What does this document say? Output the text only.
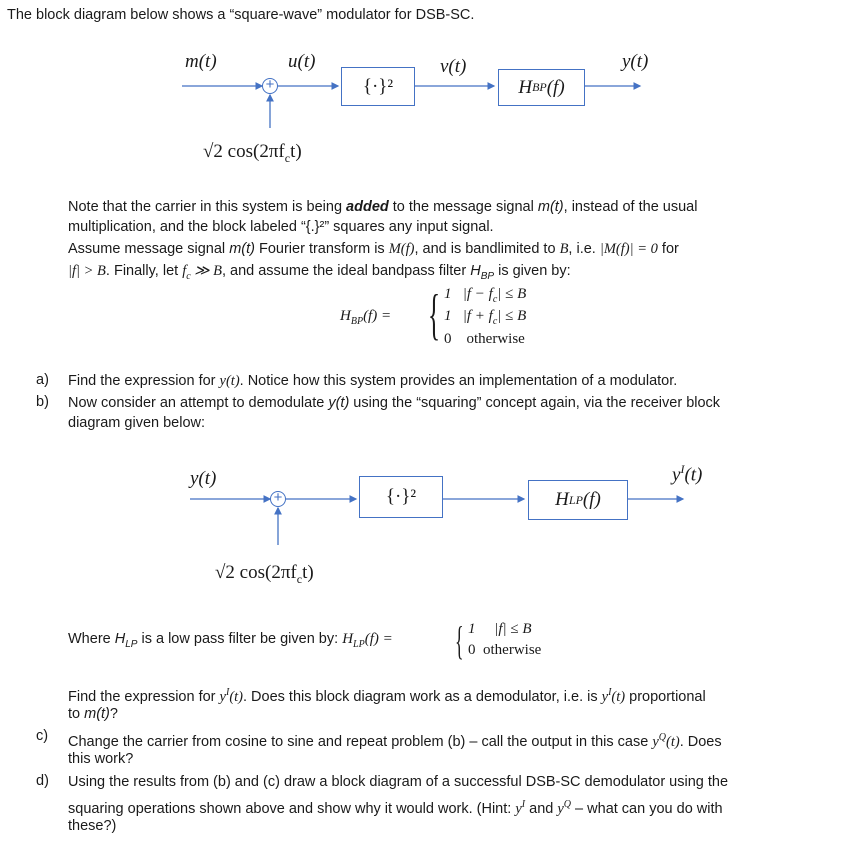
The block diagram below shows a “square-wave” modulator for DSB-SC.
m(t)	u(t)	v(t)	y(t)
+	{·}²	H BP (f)
√2 $\cos(2\pi f_ct)$
Note that the carrier in this system is being added to the message signal m(t), instead of the usual
multiplication, and the block labeled “{.}²” squares any input signal.
Assume message signal m(t) Fourier transform is M(f), and is bandlimited to B, i.e. |M(f)| = 0 for
|f| > B. Finally, let $f_c$ ≫ B, and assume the ideal bandpass filter $H_{BP}$ is given by:
$H_{BP}(f)$ = { 1 $|f - f_c| \le B$
1 $|f + f_c| \le B$
0 otherwise
a) Find the expression for y(t). Notice how this system provides an implementation of a modulator.
b) Now consider an attempt to demodulate y(t) using the “squaring” concept again, via the receiver block
diagram given below:
y(t)	$y^I(t)$
+	{·}²	H LP (f)
√2 $\cos(2\pi f_ct)$
Where $H_{LP}$ is a low pass filter be given by: $H_{LP}(f)$ = { 1 |f| ≤ B
0 otherwise
Find the expression for $y^I(t)$. Does this block diagram work as a demodulator, i.e. is $y^I(t)$ proportional
to m(t)?
c) Change the carrier from cosine to sine and repeat problem (b) – call the output in this case $y^Q(t)$. Does
this work?
d) Using the results from (b) and (c) draw a block diagram of a successful DSB-SC demodulator using the
squaring operations shown above and show why it would work. (Hint: $y^I$ and $y^Q$ – what can you do with
these?)
